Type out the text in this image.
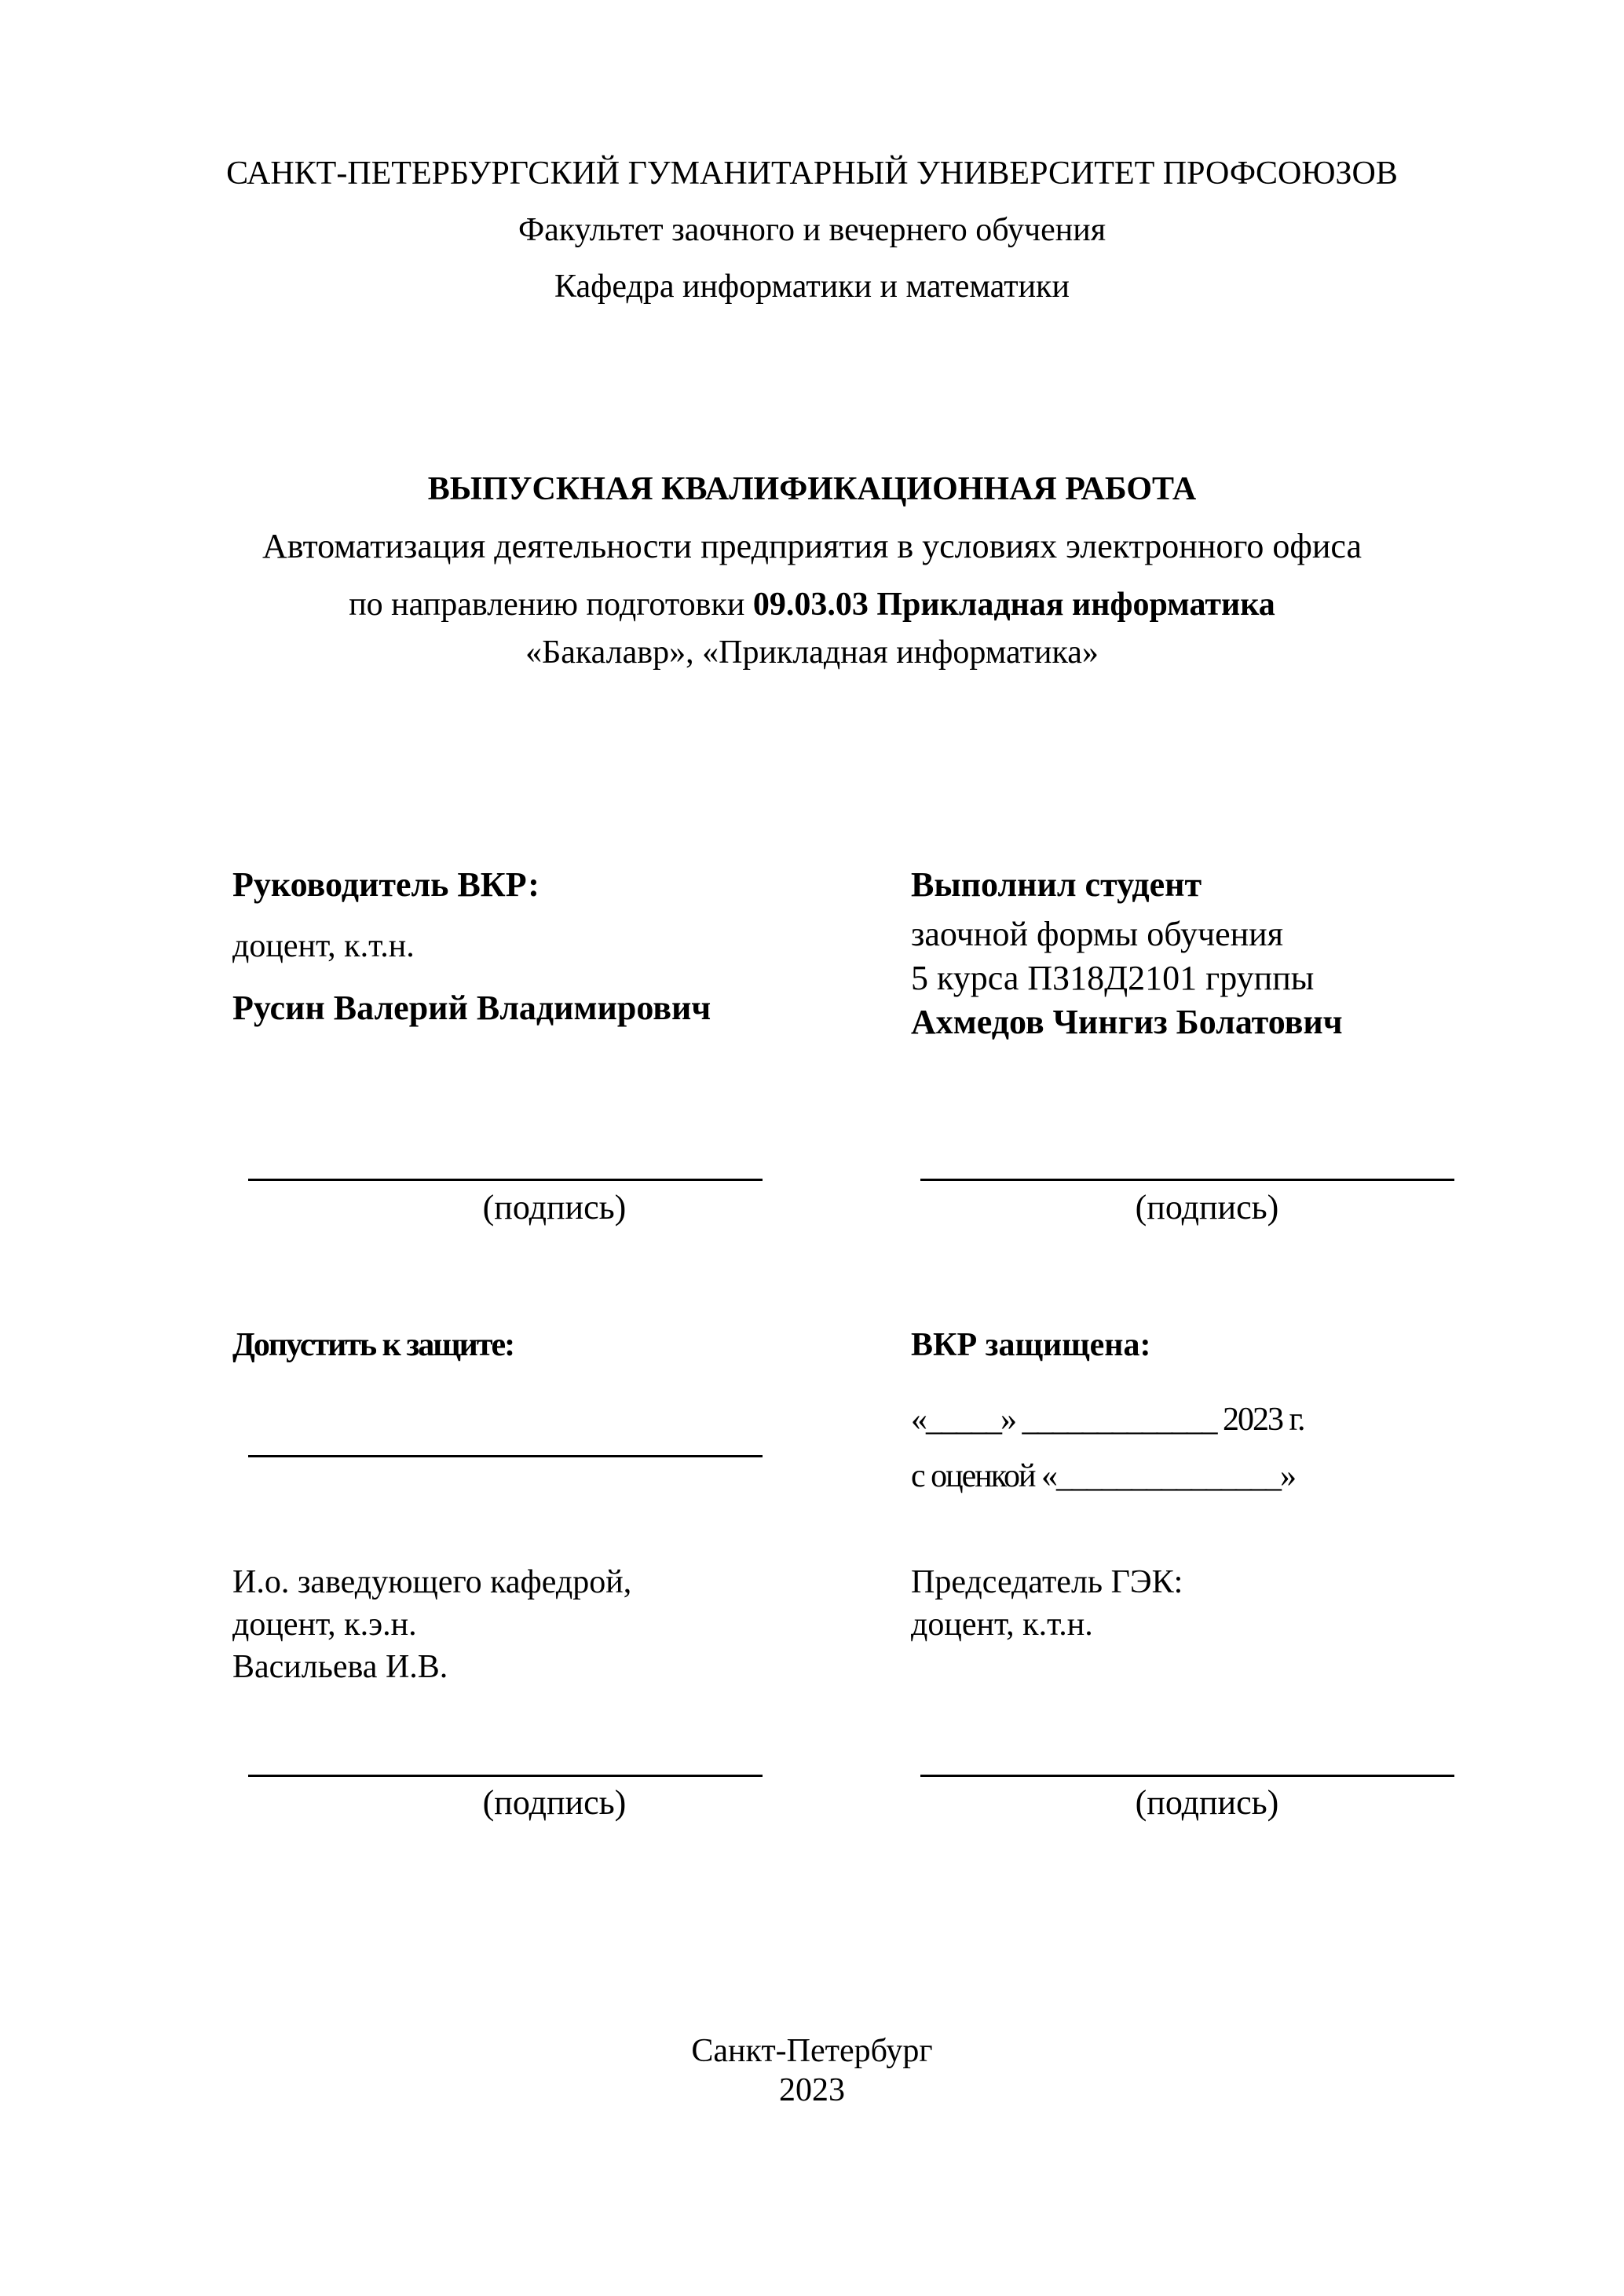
САНКТ-ПЕТЕРБУРГСКИЙ ГУМАНИТАРНЫЙ УНИВЕРСИТЕТ ПРОФСОЮЗОВ
Факультет заочного и вечернего обучения
Кафедра информатики и математики
ВЫПУСКНАЯ КВАЛИФИКАЦИОННАЯ РАБОТА
Автоматизация деятельности предприятия в условиях электронного офиса
по направлению подготовки 09.03.03 Прикладная информатика
«Бакалавр», «Прикладная информатика»
Руководитель ВКР:
доцент, к.т.н.
Русин Валерий Владимирович
Выполнил студент
заочной формы обучения
5 курса ПЗ18Д2101 группы
Ахмедов Чингиз Болатович
(подпись)	(подпись)
Допустить к защите:	ВКР защищена:
«_____» _____________ 2023 г.
с оценкой «_______________»
И.о. заведующего кафедрой,
доцент, к.э.н.
Васильева И.В.
Председатель ГЭК:
доцент, к.т.н.
(подпись)	(подпись)
Санкт-Петербург
2023
